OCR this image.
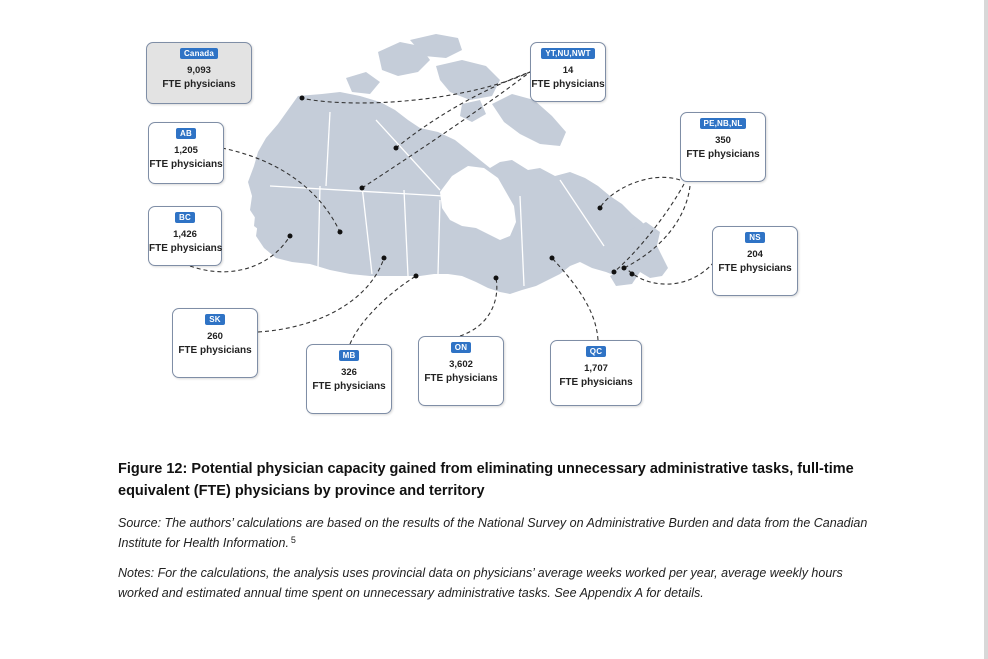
Canada
9,093
FTE physicians
AB
1,205
FTE physicians
BC
1,426
FTE physicians
SK
260
FTE physicians	MB
326
FTE physicians
ON
3,602
FTE physicians
QC
1,707
FTE physicians
PE,NB,NL
350
FTE physicians
NS
204
FTE physicians
YT,NU,NWT
14
FTE physicians
Figure 12: Potential physician capacity gained from eliminating unnecessary administrative tasks, full-time equivalent (FTE) physicians by province and territory
Source: The authors’ calculations are based on the results of the National Survey on Administrative Burden and data from the Canadian Institute for Health Information. $^5$
Notes: For the calculations, the analysis uses provincial data on physicians’ average weeks worked per year, average weekly hours worked and estimated annual time spent on unnecessary administrative tasks. See Appendix A for details.
